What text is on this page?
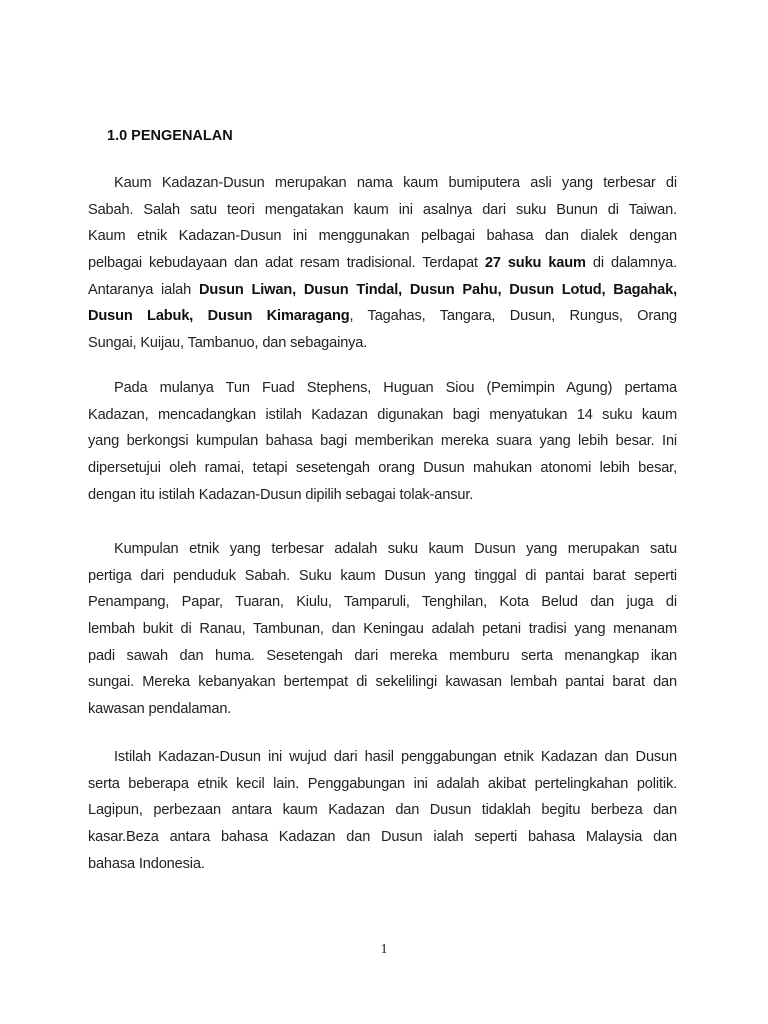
1.0 PENGENALAN
Kaum Kadazan-Dusun merupakan nama kaum bumiputera asli yang terbesar di
Sabah. Salah satu teori mengatakan kaum ini asalnya dari suku Bunun di Taiwan.
Kaum etnik Kadazan-Dusun ini menggunakan pelbagai bahasa dan dialek dengan
pelbagai kebudayaan dan adat resam tradisional. Terdapat 27 suku kaum di dalamnya.
Antaranya ialah Dusun Liwan, Dusun Tindal, Dusun Pahu, Dusun Lotud, Bagahak,
Dusun Labuk, Dusun Kimaragang, Tagahas, Tangara, Dusun, Rungus, Orang
Sungai, Kuijau, Tambanuo, dan sebagainya.
Pada mulanya Tun Fuad Stephens, Huguan Siou (Pemimpin Agung) pertama
Kadazan, mencadangkan istilah Kadazan digunakan bagi menyatukan 14 suku kaum
yang berkongsi kumpulan bahasa bagi memberikan mereka suara yang lebih besar. Ini
dipersetujui oleh ramai, tetapi sesetengah orang Dusun mahukan atonomi lebih besar,
dengan itu istilah Kadazan-Dusun dipilih sebagai tolak-ansur.
Kumpulan etnik yang terbesar adalah suku kaum Dusun yang merupakan satu
pertiga dari penduduk Sabah. Suku kaum Dusun yang tinggal di pantai barat seperti
Penampang, Papar, Tuaran, Kiulu, Tamparuli, Tenghilan, Kota Belud dan juga di
lembah bukit di Ranau, Tambunan, dan Keningau adalah petani tradisi yang menanam
padi sawah dan huma. Sesetengah dari mereka memburu serta menangkap ikan
sungai. Mereka kebanyakan bertempat di sekelilingi kawasan lembah pantai barat dan
kawasan pendalaman.
Istilah Kadazan-Dusun ini wujud dari hasil penggabungan etnik Kadazan dan Dusun
serta beberapa etnik kecil lain. Penggabungan ini adalah akibat pertelingkahan politik.
Lagipun, perbezaan antara kaum Kadazan dan Dusun tidaklah begitu berbeza dan
kasar.Beza antara bahasa Kadazan dan Dusun ialah seperti bahasa Malaysia dan
bahasa Indonesia.
1
